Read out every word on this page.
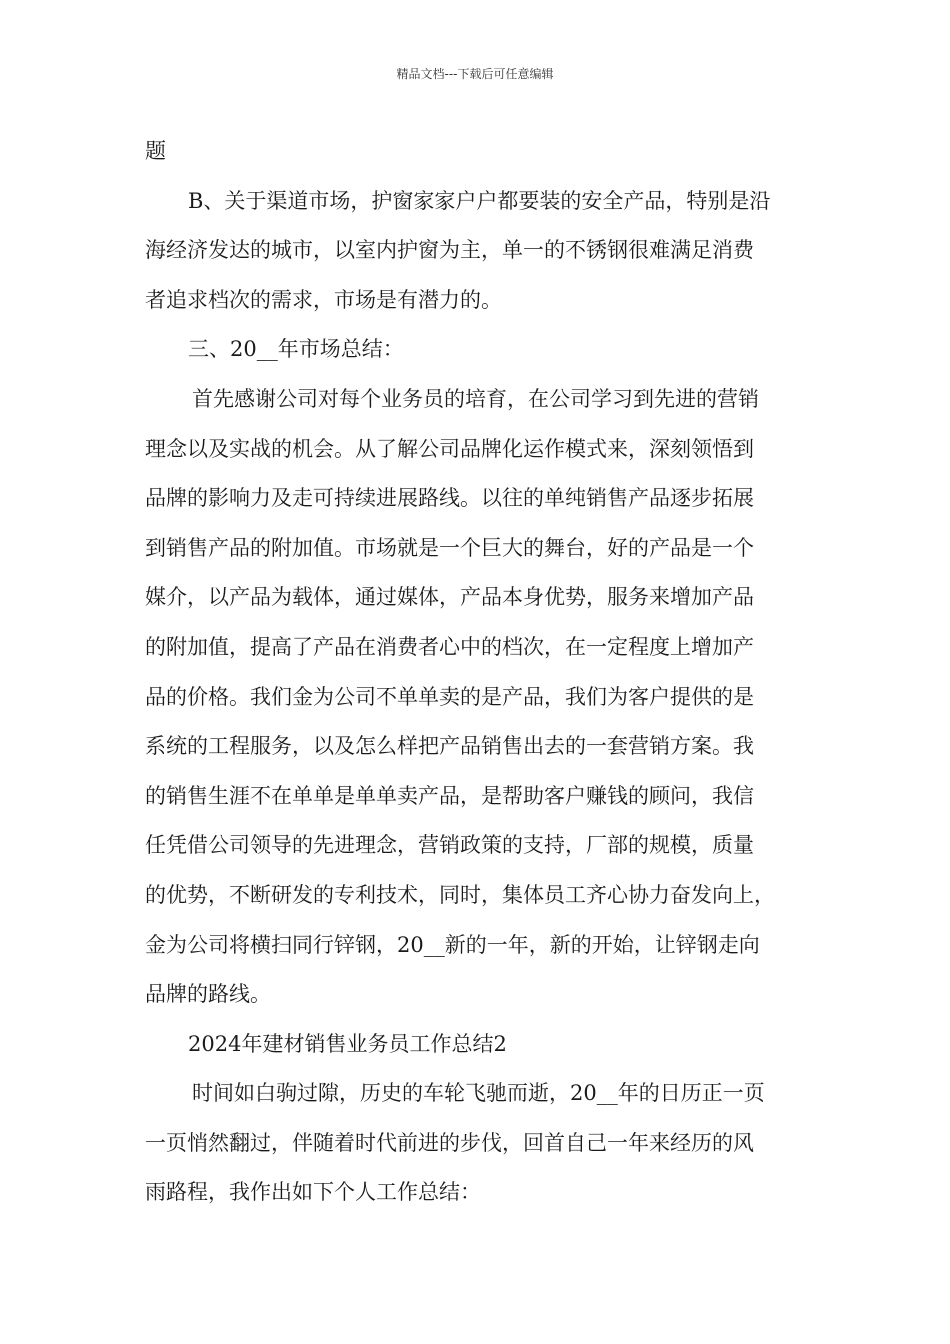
精品文档---下载后可任意编辑
题
B、关于渠道市场，护窗家家户户都要装的安全产品，特别是沿
海经济发达的城市，以室内护窗为主，单一的不锈钢很难满足消费
者追求档次的需求，市场是有潜力的。
三、20__年市场总结：
首先感谢公司对每个业务员的培育，在公司学习到先进的营销
理念以及实战的机会。从了解公司品牌化运作模式来，深刻领悟到
品牌的影响力及走可持续进展路线。以往的单纯销售产品逐步拓展
到销售产品的附加值。市场就是一个巨大的舞台，好的产品是一个
媒介，以产品为载体，通过媒体，产品本身优势，服务来增加产品
的附加值，提高了产品在消费者心中的档次，在一定程度上增加产
品的价格。我们金为公司不单单卖的是产品，我们为客户提供的是
系统的工程服务，以及怎么样把产品销售出去的一套营销方案。我
的销售生涯不在单单是单单卖产品，是帮助客户赚钱的顾问，我信
任凭借公司领导的先进理念，营销政策的支持，厂部的规模，质量
的优势，不断研发的专利技术，同时，集体员工齐心协力奋发向上，
金为公司将横扫同行锌钢，20__新的一年，新的开始，让锌钢走向
品牌的路线。
2024年建材销售业务员工作总结2
时间如白驹过隙，历史的车轮飞驰而逝，20__年的日历正一页
一页悄然翻过，伴随着时代前进的步伐，回首自己一年来经历的风
雨路程，我作出如下个人工作总结：
